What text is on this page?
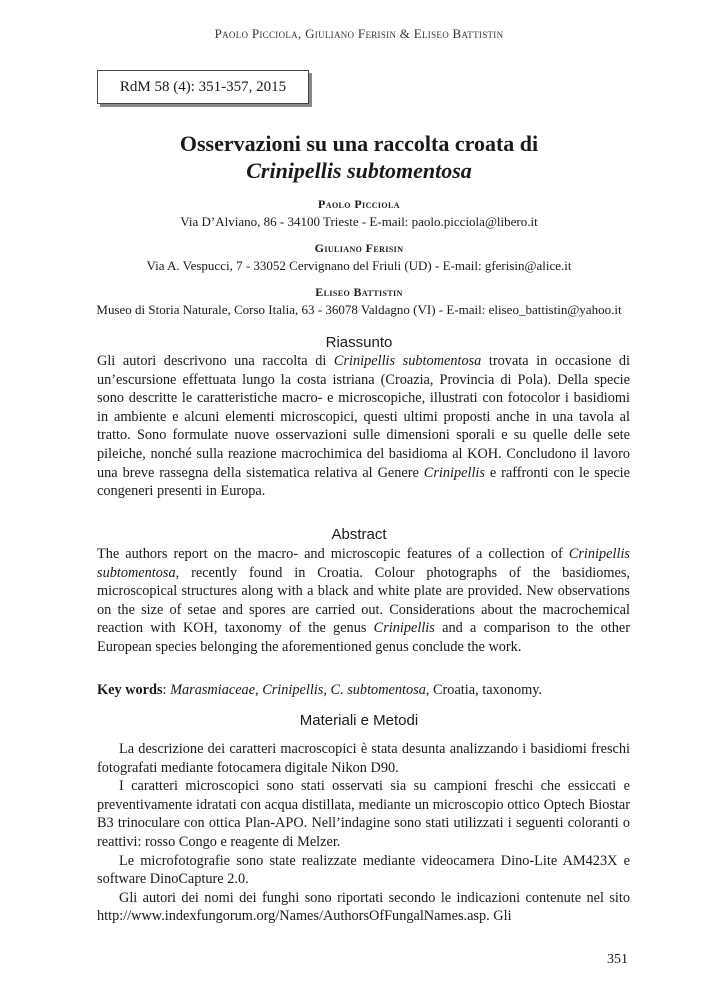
Paolo Picciola, Giuliano Ferisin & Eliseo Battistin
RdM 58 (4): 351-357, 2015
Osservazioni su una raccolta croata di
Crinipellis subtomentosa
Paolo Picciola
Via D’Alviano, 86 - 34100 Trieste - E-mail: paolo.picciola@libero.it
Giuliano Ferisin
Via A. Vespucci, 7 - 33052 Cervignano del Friuli (UD) - E-mail: gferisin@alice.it
Eliseo Battistin
Museo di Storia Naturale, Corso Italia, 63 - 36078 Valdagno (VI) - E-mail: eliseo_battistin@yahoo.it
Riassunto
Gli autori descrivono una raccolta di Crinipellis subtomentosa trovata in occasione di un’escursione effettuata lungo la costa istriana (Croazia, Provincia di Pola). Della specie sono descritte le caratteristiche macro- e microscopiche, illustrati con fotocolor i basidiomi in ambiente e alcuni elementi microscopici, questi ultimi proposti anche in una tavola al tratto. Sono formulate nuove osservazioni sulle dimensioni sporali e su quelle delle sete pileiche, nonché sulla reazione macrochimica del basidioma al KOH. Concludono il lavoro una breve rassegna della sistematica relativa al Genere Crinipellis e raffronti con le specie congeneri presenti in Europa.
Abstract
The authors report on the macro- and microscopic features of a collection of Crinipellis subtomentosa, recently found in Croatia. Colour photographs of the basidiomes, microscopical structures along with a black and white plate are provided. New observations on the size of setae and spores are carried out. Considerations about the macrochemical reaction with KOH, taxonomy of the genus Crinipellis and a comparison to the other European species belonging the aforementioned genus conclude the work.
Key words: Marasmiaceae, Crinipellis, C. subtomentosa, Croatia, taxonomy.
Materiali e Metodi
La descrizione dei caratteri macroscopici è stata desunta analizzando i basidiomi freschi fotografati mediante fotocamera digitale Nikon D90.
I caratteri microscopici sono stati osservati sia su campioni freschi che essiccati e preventivamente idratati con acqua distillata, mediante un microscopio ottico Optech Biostar B3 trinoculare con ottica Plan-APO. Nell’indagine sono stati utilizzati i seguenti coloranti o reattivi: rosso Congo e reagente di Melzer.
Le microfotografie sono state realizzate mediante videocamera Dino-Lite AM423X e software DinoCapture 2.0.
Gli autori dei nomi dei funghi sono riportati secondo le indicazioni contenute nel sito http://www.indexfungorum.org/Names/AuthorsOfFungalNames.asp. Gli
351
